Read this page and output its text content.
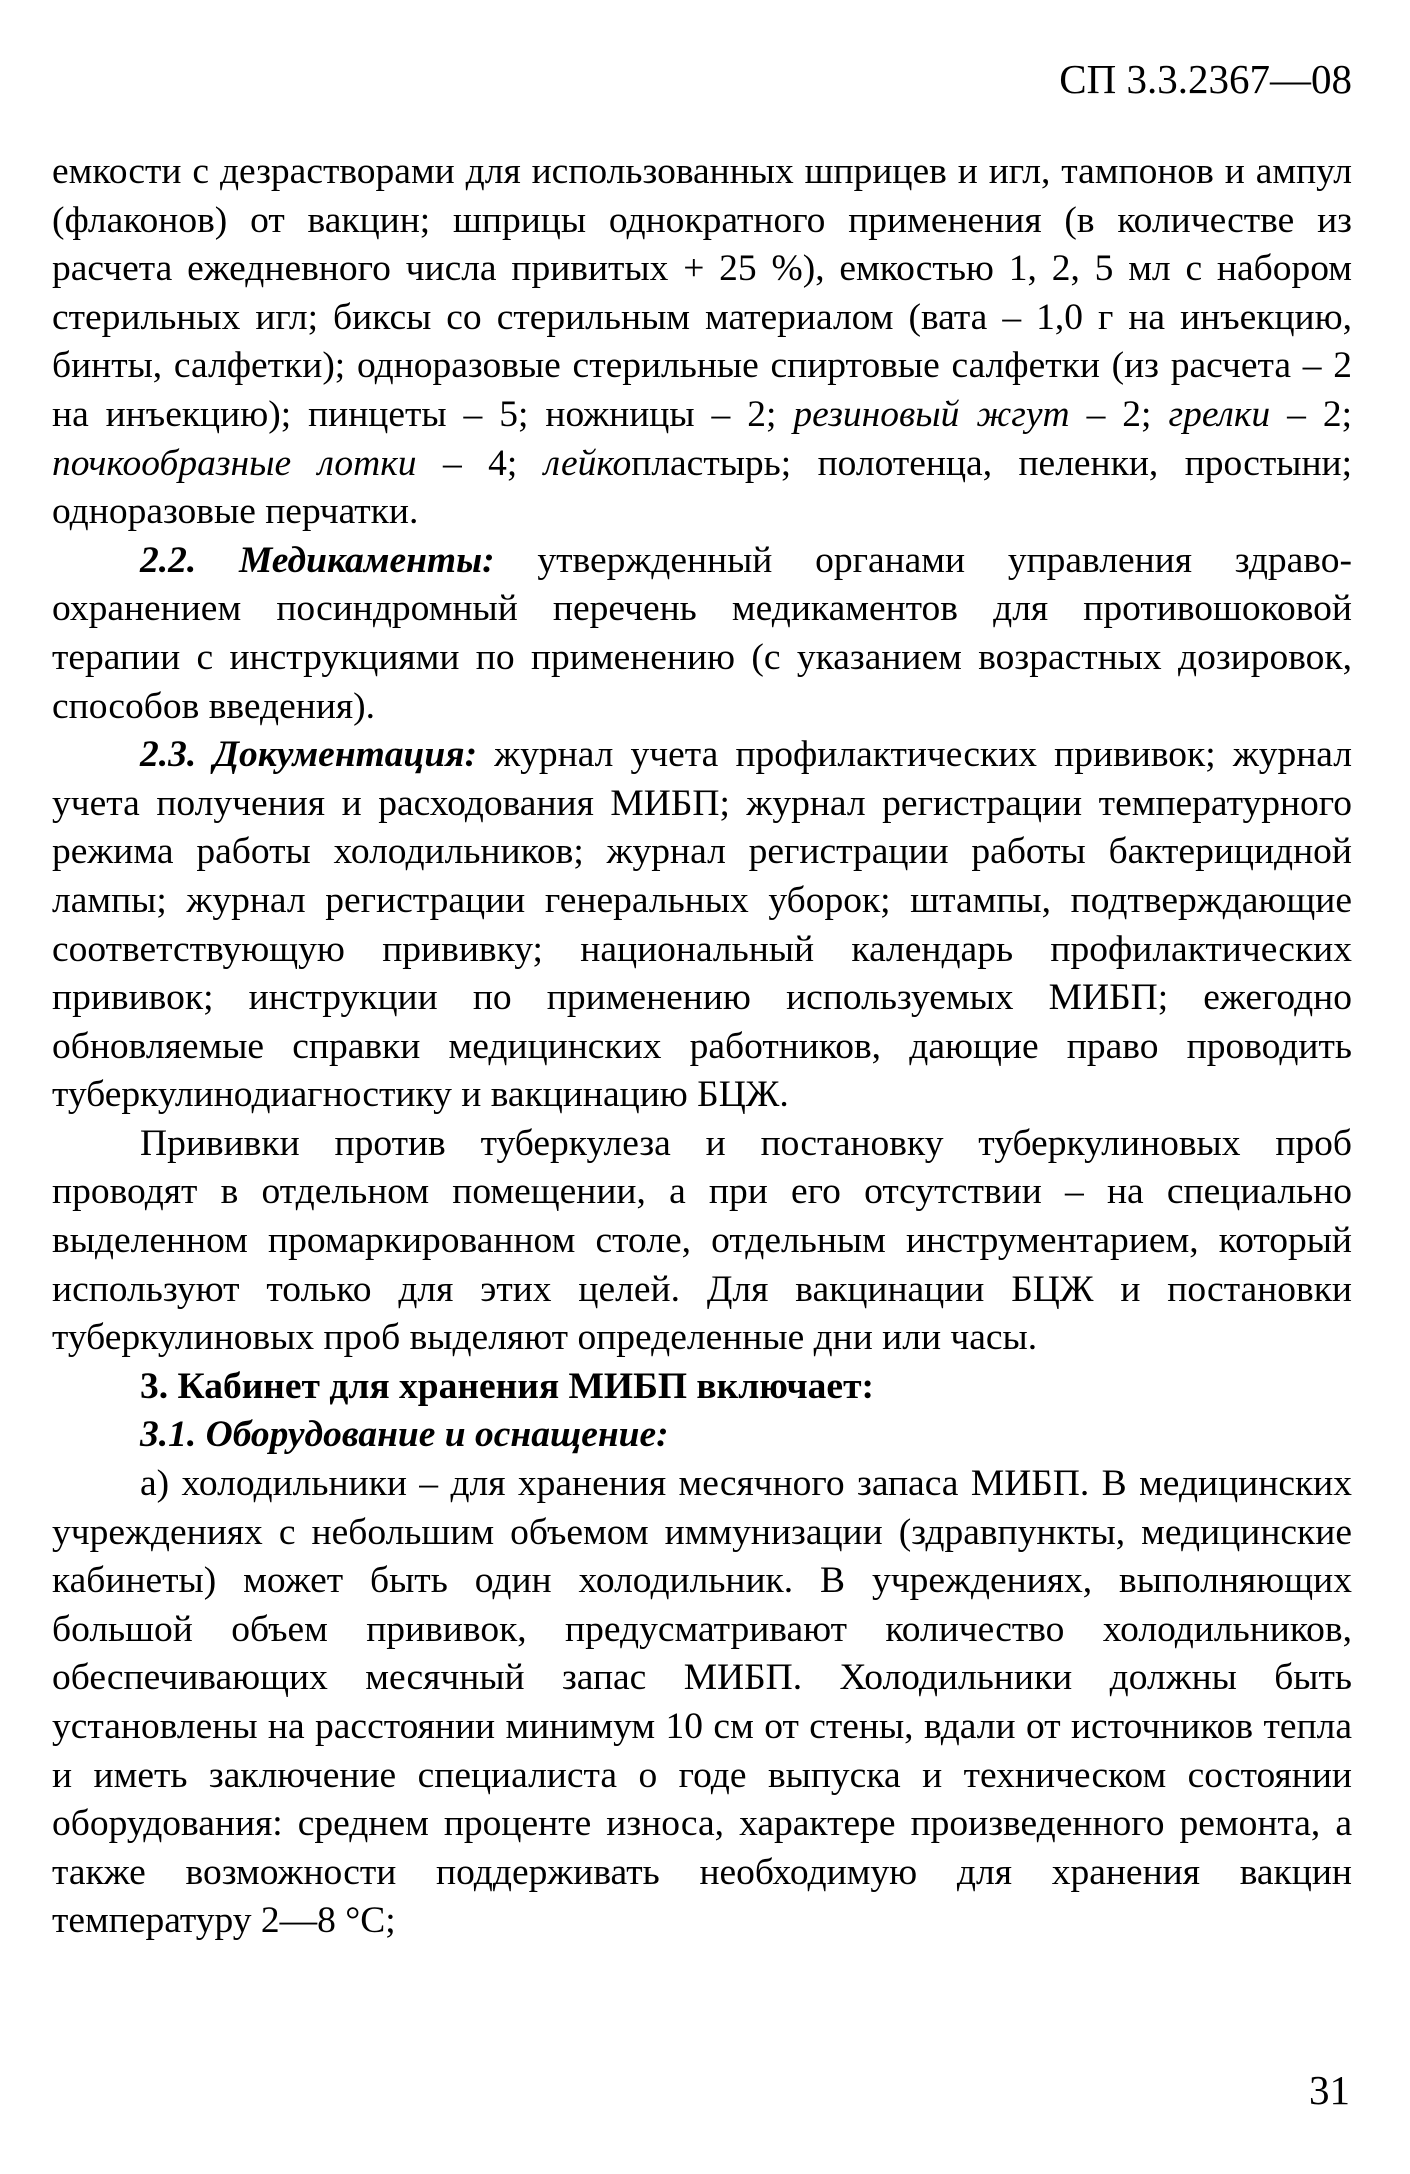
СП 3.3.2367—08

емкости с дезрастворами для использованных шприцев и игл, тампонов и ампул (флаконов) от вакцин; шприцы однократного применения (в количестве из расчета ежедневного числа привитых + 25 %), емкостью 1, 2, 5 мл с набором стерильных игл; биксы со стерильным материалом (вата – 1,0 г на инъекцию, бинты, салфетки); одноразовые стерильные спиртовые салфетки (из расчета – 2 на инъекцию); пинцеты – 5; ножницы – 2; резиновый жгут – 2; грелки – 2; почкообразные лотки – 4; лейкопластырь; полотенца, пеленки, простыни; одноразовые перчатки.

2.2. Медикаменты: утвержденный органами управления здравоохранением посиндромный перечень медикаментов для противошоковой терапии с инструкциями по применению (с указанием возрастных дозировок, способов введения).

2.3. Документация: журнал учета профилактических прививок; журнал учета получения и расходования МИБП; журнал регистрации температурного режима работы холодильников; журнал регистрации работы бактерицидной лампы; журнал регистрации генеральных уборок; штампы, подтверждающие соответствующую прививку; национальный календарь профилактических прививок; инструкции по применению используемых МИБП; ежегодно обновляемые справки медицинских работников, дающие право проводить туберкулинодиагностику и вакцинацию БЦЖ.

Прививки против туберкулеза и постановку туберкулиновых проб проводят в отдельном помещении, а при его отсутствии – на специально выделенном промаркированном столе, отдельным инструментарием, который используют только для этих целей. Для вакцинации БЦЖ и постановки туберкулиновых проб выделяют определенные дни или часы.

3. Кабинет для хранения МИБП включает:

3.1. Оборудование и оснащение:

а) холодильники – для хранения месячного запаса МИБП. В медицинских учреждениях с небольшим объемом иммунизации (здравпункты, медицинские кабинеты) может быть один холодильник. В учреждениях, выполняющих большой объем прививок, предусматривают количество холодильников, обеспечивающих месячный запас МИБП. Холодильники должны быть установлены на расстоянии минимум 10 см от стены, вдали от источников тепла и иметь заключение специалиста о годе выпуска и техническом состоянии оборудования: среднем проценте износа, характере произведенного ремонта, а также возможности поддерживать необходимую для хранения вакцин температуру 2—8 °С;

31
